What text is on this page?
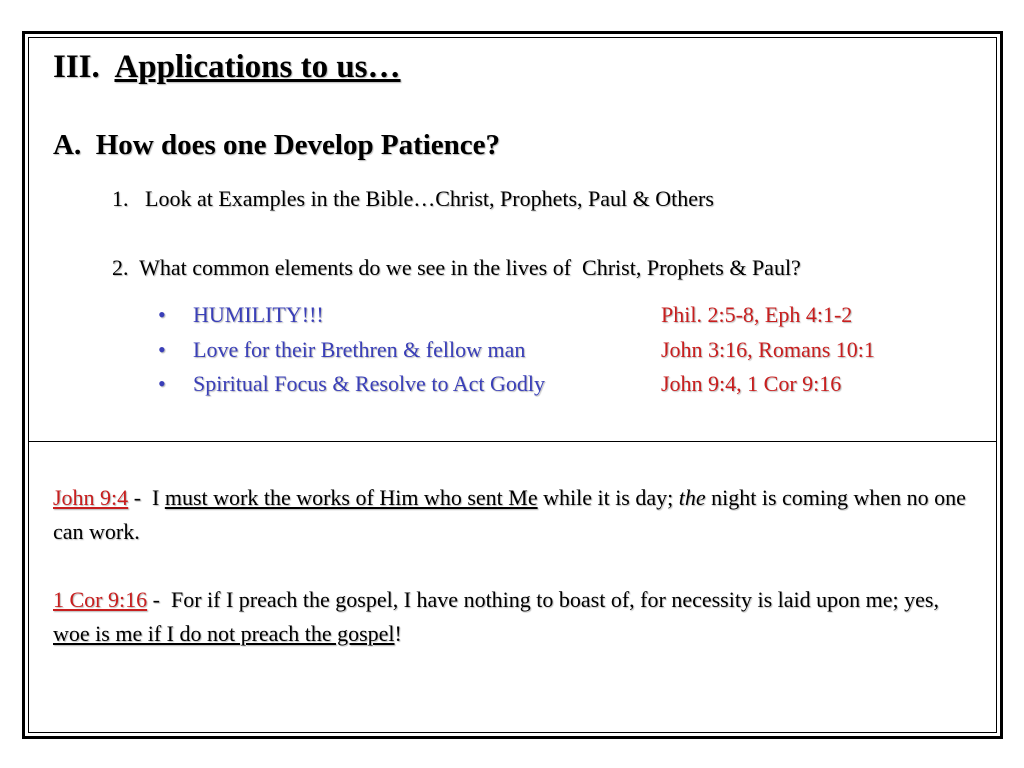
III. Applications to us…
A. How does one Develop Patience?
1. Look at Examples in the Bible…Christ, Prophets, Paul & Others
2. What common elements do we see in the lives of  Christ, Prophets & Paul?
• HUMILITY!!!	Phil. 2:5-8, Eph 4:1-2
• Love for their Brethren & fellow man	John 3:16, Romans 10:1
• Spiritual Focus & Resolve to Act Godly	John 9:4, 1 Cor 9:16
John 9:4 -  I must work the works of Him who sent Me while it is day; the night is coming when no one can work.
1 Cor 9:16 -  For if I preach the gospel, I have nothing to boast of, for necessity is laid upon me; yes, woe is me if I do not preach the gospel!
